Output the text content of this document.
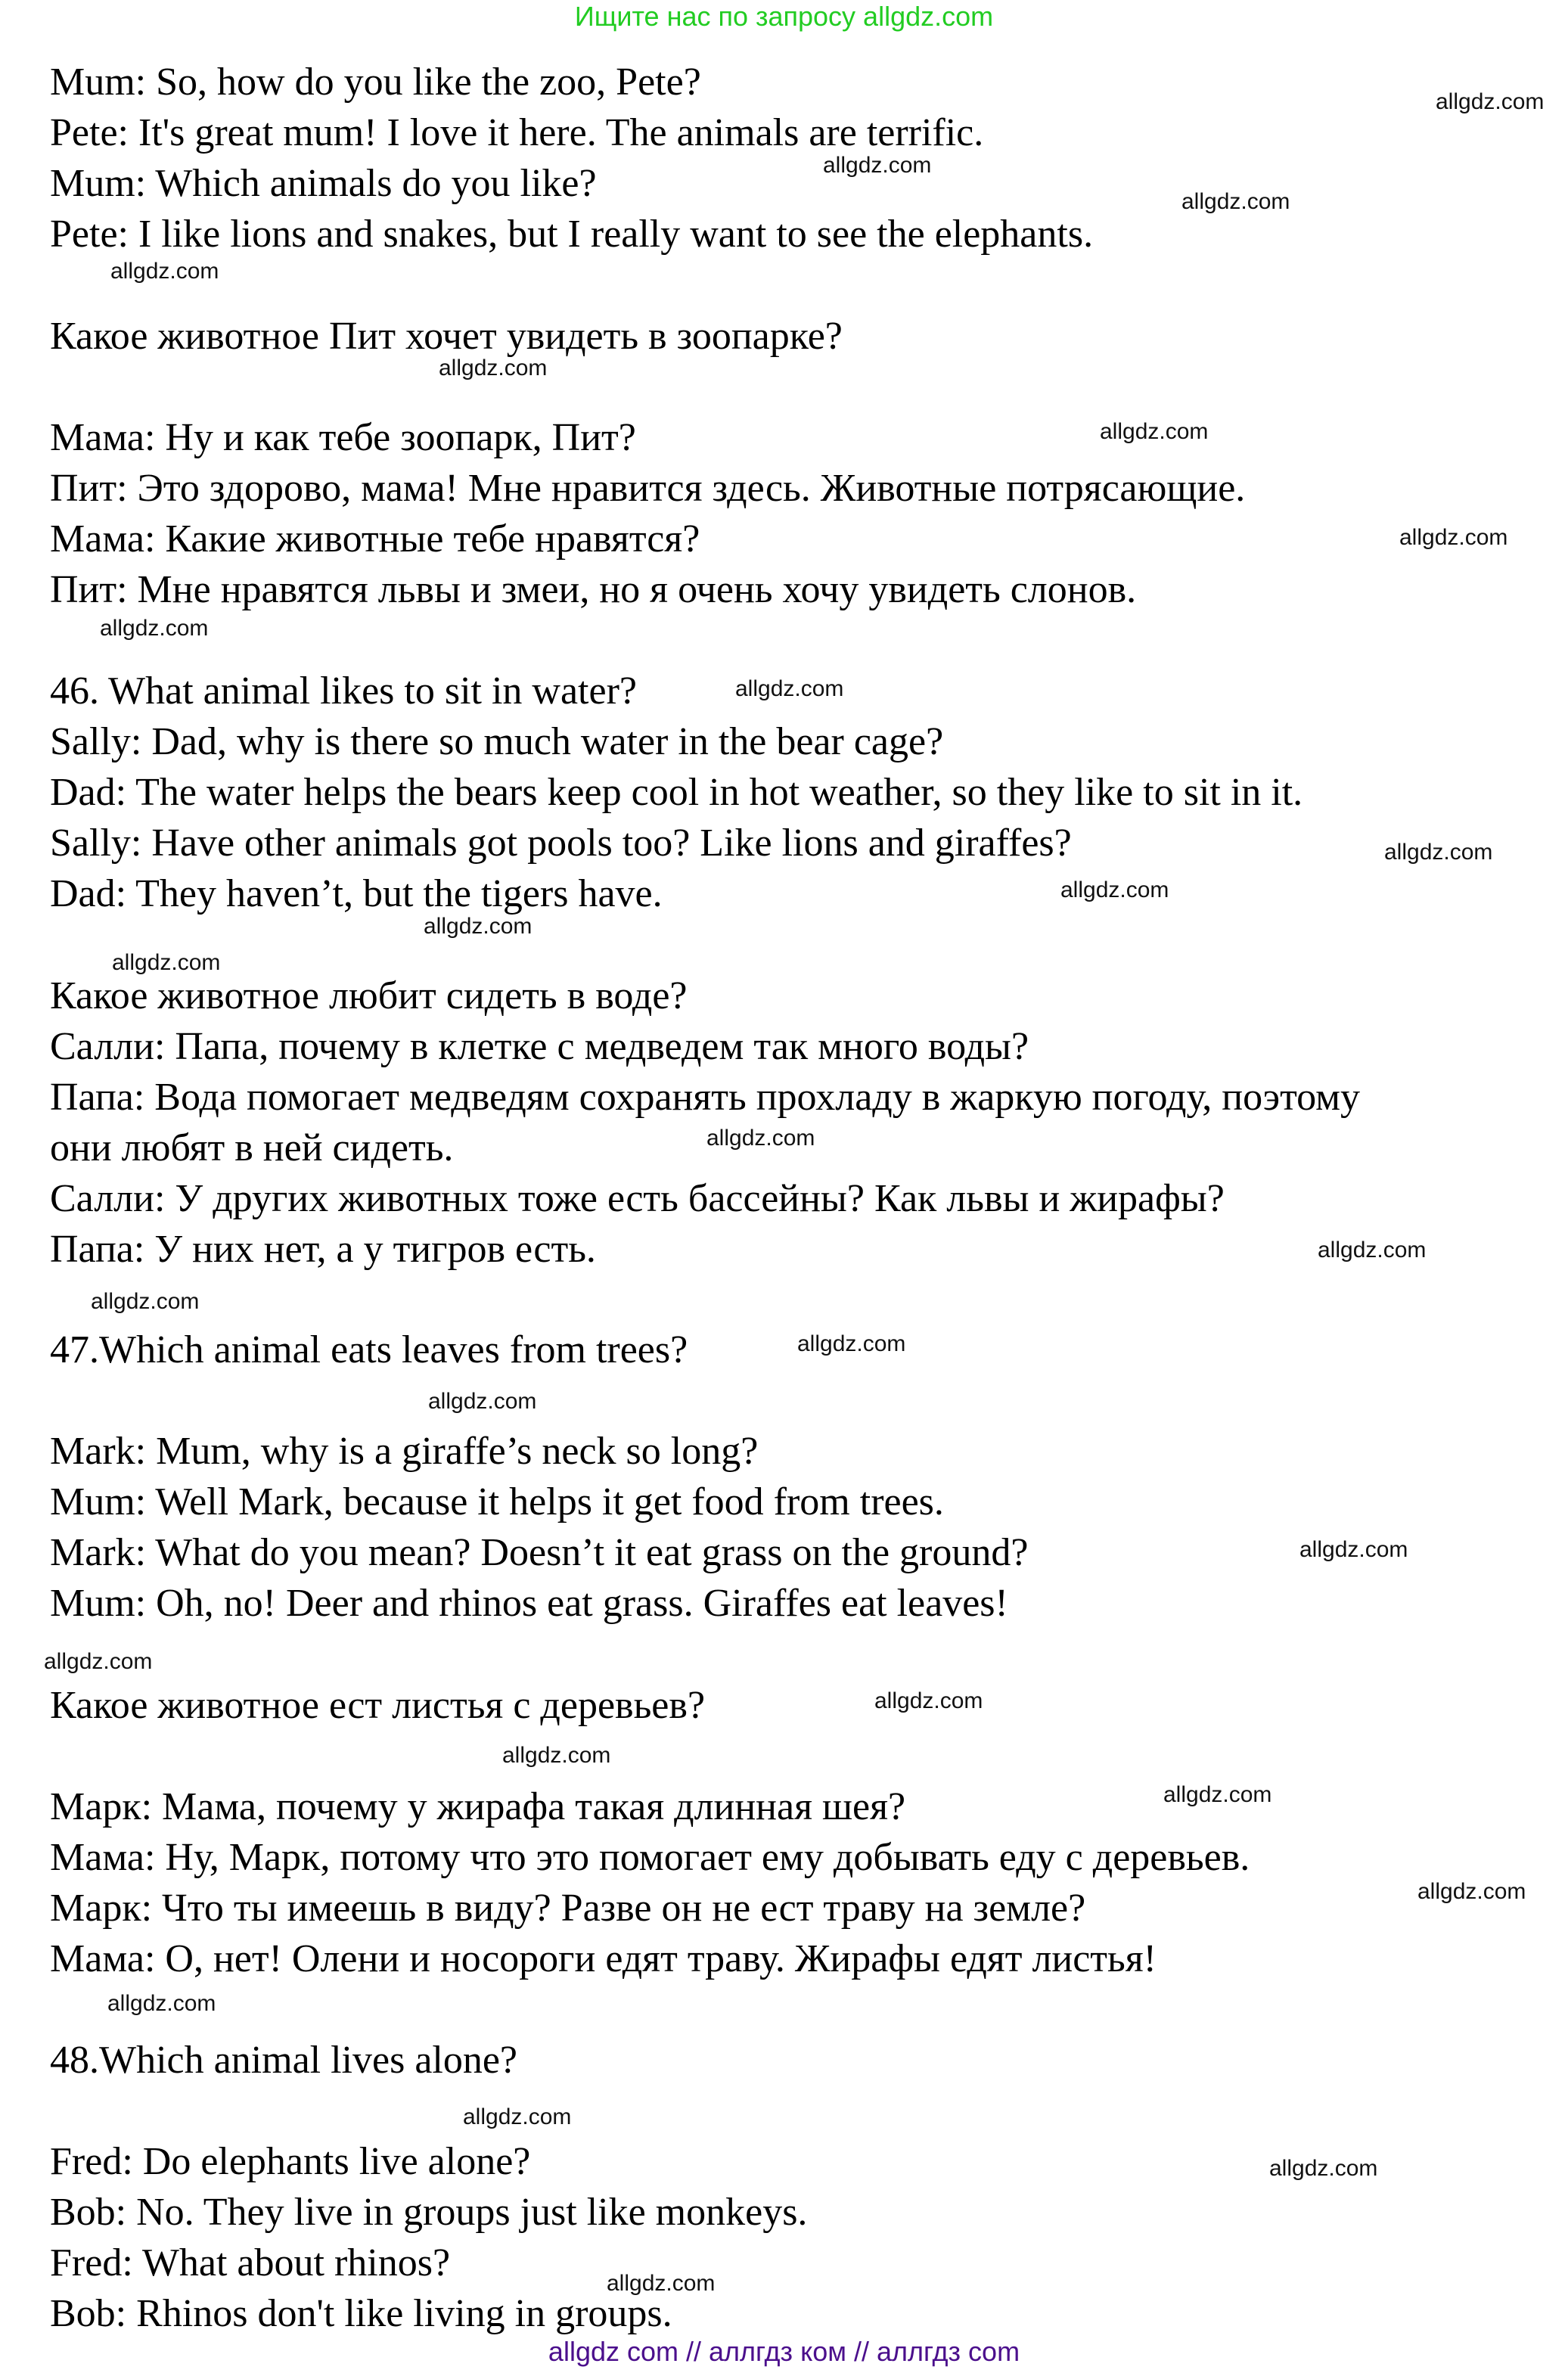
Ищите нас по запросу allgdz.com
Mum: So, how do you like the zoo, Pete?
Pete: It's great mum! I love it here. The animals are terrific.
Mum: Which animals do you like?
Pete: I like lions and snakes, but I really want to see the elephants.
Какое животное Пит хочет увидеть в зоопарке?
Мама: Ну и как тебе зоопарк, Пит?
Пит: Это здорово, мама! Мне нравится здесь. Животные потрясающие.
Мама: Какие животные тебе нравятся?
Пит: Мне нравятся львы и змеи, но я очень хочу увидеть слонов.
46. What animal likes to sit in water?
Sally: Dad, why is there so much water in the bear cage?
Dad: The water helps the bears keep cool in hot weather, so they like to sit in it.
Sally: Have other animals got pools too? Like lions and giraffes?
Dad: They haven’t, but the tigers have.
Какое животное любит сидеть в воде?
Салли: Папа, почему в клетке с медведем так много воды?
Папа: Вода помогает медведям сохранять прохладу в жаркую погоду, поэтому
они любят в ней сидеть.
Салли: У других животных тоже есть бассейны? Как львы и жирафы?
Папа: У них нет, а у тигров есть.
47.Which animal eats leaves from trees?
Mark: Mum, why is a giraffe’s neck so long?
Mum: Well Mark, because it helps it get food from trees.
Mark: What do you mean? Doesn’t it eat grass on the ground?
Mum: Oh, no! Deer and rhinos eat grass. Giraffes eat leaves!
Какое животное ест листья с деревьев?
Марк: Мама, почему у жирафа такая длинная шея?
Мама: Ну, Марк, потому что это помогает ему добывать еду с деревьев.
Марк: Что ты имеешь в виду? Разве он не ест траву на земле?
Мама: О, нет! Олени и носороги едят траву. Жирафы едят листья!
48.Which animal lives alone?
Fred: Do elephants live alone?
Bob: No. They live in groups just like monkeys.
Fred: What about rhinos?
Bob: Rhinos don't like living in groups.
allgdz.com
allgdz.com
allgdz.com
allgdz.com
allgdz.com
allgdz.com
allgdz.com
allgdz.com
allgdz.com
allgdz.com
allgdz.com
allgdz.com
allgdz.com
allgdz.com
allgdz.com
allgdz.com
allgdz.com
allgdz.com
allgdz.com
allgdz.com
allgdz.com
allgdz.com
allgdz.com
allgdz.com
allgdz.com
allgdz.com
allgdz.com
allgdz.com
allgdz com // аллгдз ком // аллгдз com
